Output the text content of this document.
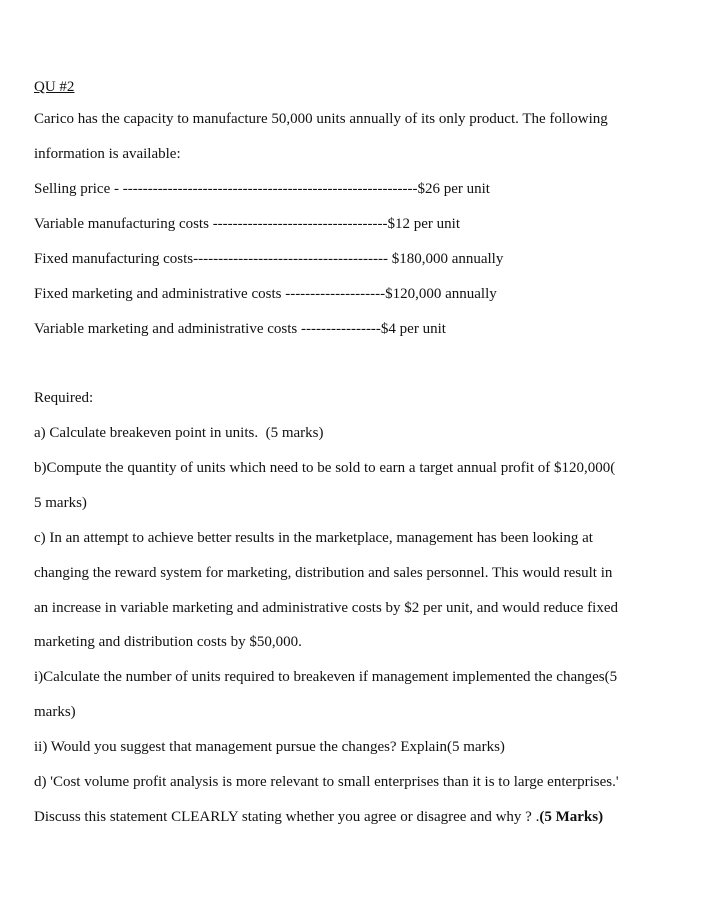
QU #2
Carico has the capacity to manufacture 50,000 units annually of its only product. The following
information is available:
Selling price - -----------------------------------------------------------$26 per unit
Variable manufacturing costs -----------------------------------$12 per unit
Fixed manufacturing costs--------------------------------------- $180,000 annually
Fixed marketing and administrative costs --------------------$120,000 annually
Variable marketing and administrative costs ----------------$4 per unit
Required:
a) Calculate breakeven point in units.  (5 marks)
b)Compute the quantity of units which need to be sold to earn a target annual profit of $120,000(
5 marks)
c) In an attempt to achieve better results in the marketplace, management has been looking at
changing the reward system for marketing, distribution and sales personnel. This would result in
an increase in variable marketing and administrative costs by $2 per unit, and would reduce fixed
marketing and distribution costs by $50,000.
i)Calculate the number of units required to breakeven if management implemented the changes(5
marks)
ii) Would you suggest that management pursue the changes? Explain(5 marks)
d) 'Cost volume profit analysis is more relevant to small enterprises than it is to large enterprises.'
Discuss this statement CLEARLY stating whether you agree or disagree and why ? .(5 Marks)
